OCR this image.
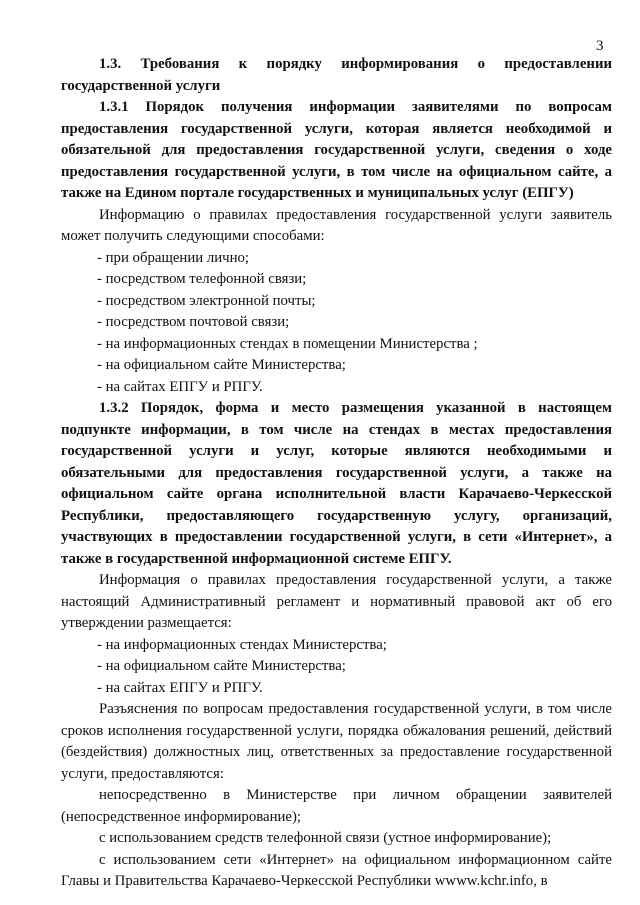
3

1.3. Требования к порядку информирования о предоставлении государственной услуги

1.3.1 Порядок получения информации заявителями по вопросам предоставления государственной услуги, которая является необходимой и обязательной для предоставления государственной услуги, сведения о ходе предоставления государственной услуги, в том числе на официальном сайте, а также на Едином портале государственных и муниципальных услуг (ЕПГУ)

Информацию о правилах предоставления государственной услуги заявитель может получить следующими способами:

- при обращении лично;

- посредством телефонной связи;

- посредством электронной почты;

- посредством почтовой связи;

- на информационных стендах в помещении Министерства ;

- на официальном сайте Министерства;

- на сайтах ЕПГУ и РПГУ.

1.3.2 Порядок, форма и место размещения указанной в настоящем подпункте информации, в том числе на стендах в местах предоставления государственной услуги и услуг, которые являются необходимыми и обязательными для предоставления государственной услуги, а также на официальном сайте органа исполнительной власти Карачаево-Черкесской Республики, предоставляющего государственную услугу, организаций, участвующих в предоставлении государственной услуги, в сети «Интернет», а также в государственной информационной системе ЕПГУ.

Информация о правилах предоставления государственной услуги, а также настоящий Административный регламент и нормативный правовой акт об его утверждении размещается:

- на информационных стендах Министерства;

- на официальном сайте Министерства;

- на сайтах ЕПГУ и РПГУ.

Разъяснения по вопросам предоставления государственной услуги, в том числе сроков исполнения государственной услуги, порядка обжалования решений, действий (бездействия) должностных лиц, ответственных за предоставление государственной услуги, предоставляются:

непосредственно в Министерстве при личном обращении заявителей (непосредственное информирование);

с использованием средств телефонной связи (устное информирование);

с использованием сети «Интернет» на официальном информационном сайте Главы и Правительства Карачаево-Черкесской Республики wwww.kchr.info, в
